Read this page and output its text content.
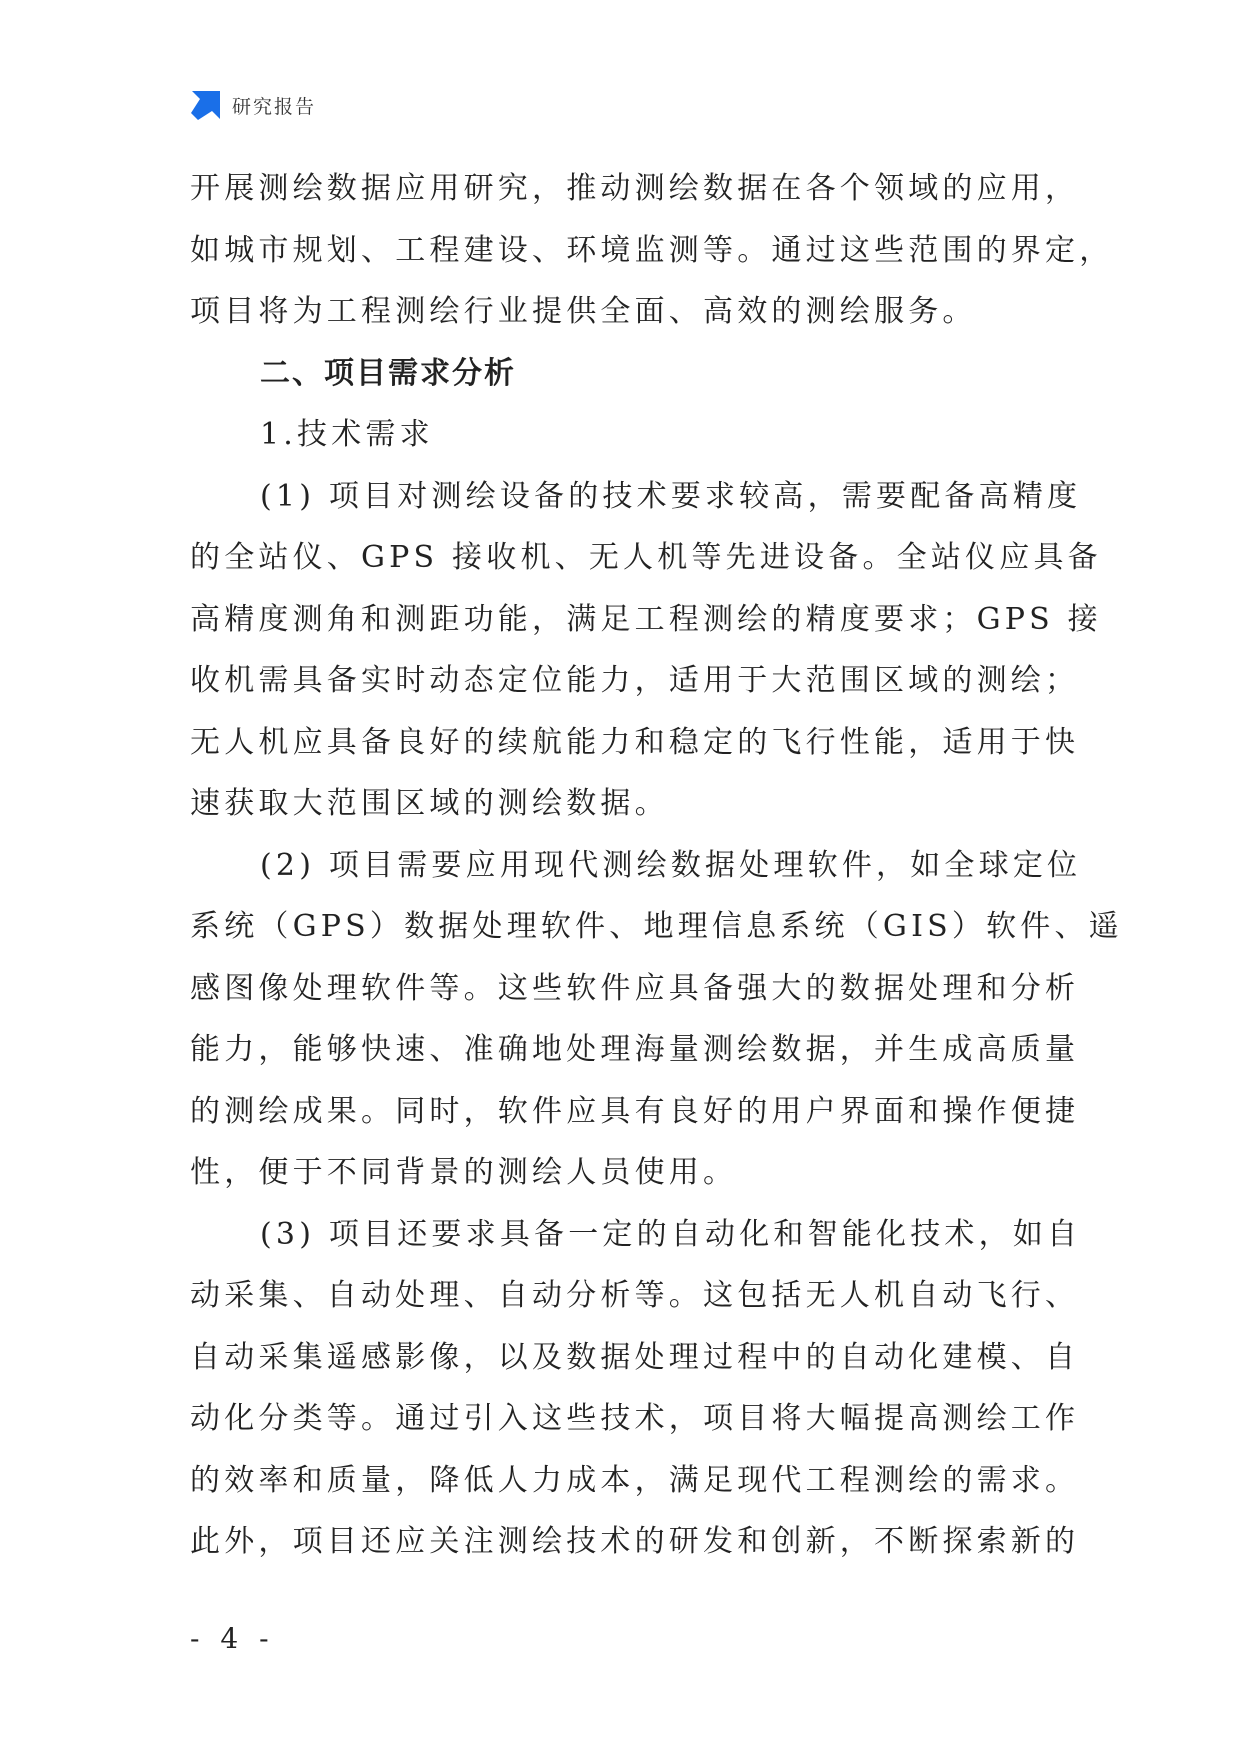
研究报告
开展测绘数据应用研究，推动测绘数据在各个领域的应用，
如城市规划、工程建设、环境监测等。通过这些范围的界定，
项目将为工程测绘行业提供全面、高效的测绘服务。
二、项目需求分析
1.技术需求
(1) 项目对测绘设备的技术要求较高，需要配备高精度
的全站仪、GPS 接收机、无人机等先进设备。全站仪应具备
高精度测角和测距功能，满足工程测绘的精度要求；GPS 接
收机需具备实时动态定位能力，适用于大范围区域的测绘；
无人机应具备良好的续航能力和稳定的飞行性能，适用于快
速获取大范围区域的测绘数据。
(2) 项目需要应用现代测绘数据处理软件，如全球定位
系统（GPS）数据处理软件、地理信息系统（GIS）软件、遥
感图像处理软件等。这些软件应具备强大的数据处理和分析
能力，能够快速、准确地处理海量测绘数据，并生成高质量
的测绘成果。同时，软件应具有良好的用户界面和操作便捷
性，便于不同背景的测绘人员使用。
(3) 项目还要求具备一定的自动化和智能化技术，如自
动采集、自动处理、自动分析等。这包括无人机自动飞行、
自动采集遥感影像，以及数据处理过程中的自动化建模、自
动化分类等。通过引入这些技术，项目将大幅提高测绘工作
的效率和质量，降低人力成本，满足现代工程测绘的需求。
此外，项目还应关注测绘技术的研发和创新，不断探索新的
- 4 -
